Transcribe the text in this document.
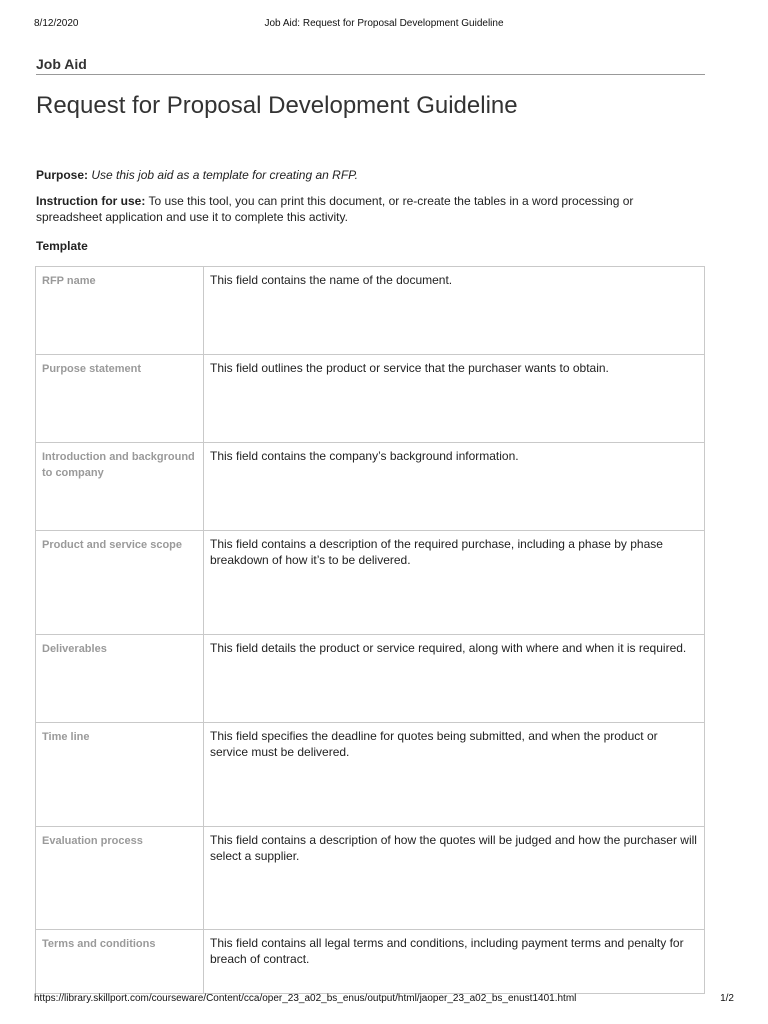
8/12/2020	Job Aid: Request for Proposal Development Guideline
Job Aid
Request for Proposal Development Guideline
Purpose: Use this job aid as a template for creating an RFP.
Instruction for use: To use this tool, you can print this document, or re-create the tables in a word processing or spreadsheet application and use it to complete this activity.
Template
RFP name	This field contains the name of the document.
Purpose statement	This field outlines the product or service that the purchaser wants to obtain.
Introduction and background to company	This field contains the company’s background information.
Product and service scope	This field contains a description of the required purchase, including a phase by phase breakdown of how it’s to be delivered.
Deliverables	This field details the product or service required, along with where and when it is required.
Time line	This field specifies the deadline for quotes being submitted, and when the product or service must be delivered.
Evaluation process	This field contains a description of how the quotes will be judged and how the purchaser will select a supplier.
Terms and conditions	This field contains all legal terms and conditions, including payment terms and penalty for breach of contract.
https://library.skillport.com/courseware/Content/cca/oper_23_a02_bs_enus/output/html/jaoper_23_a02_bs_enust1401.html	1/2
